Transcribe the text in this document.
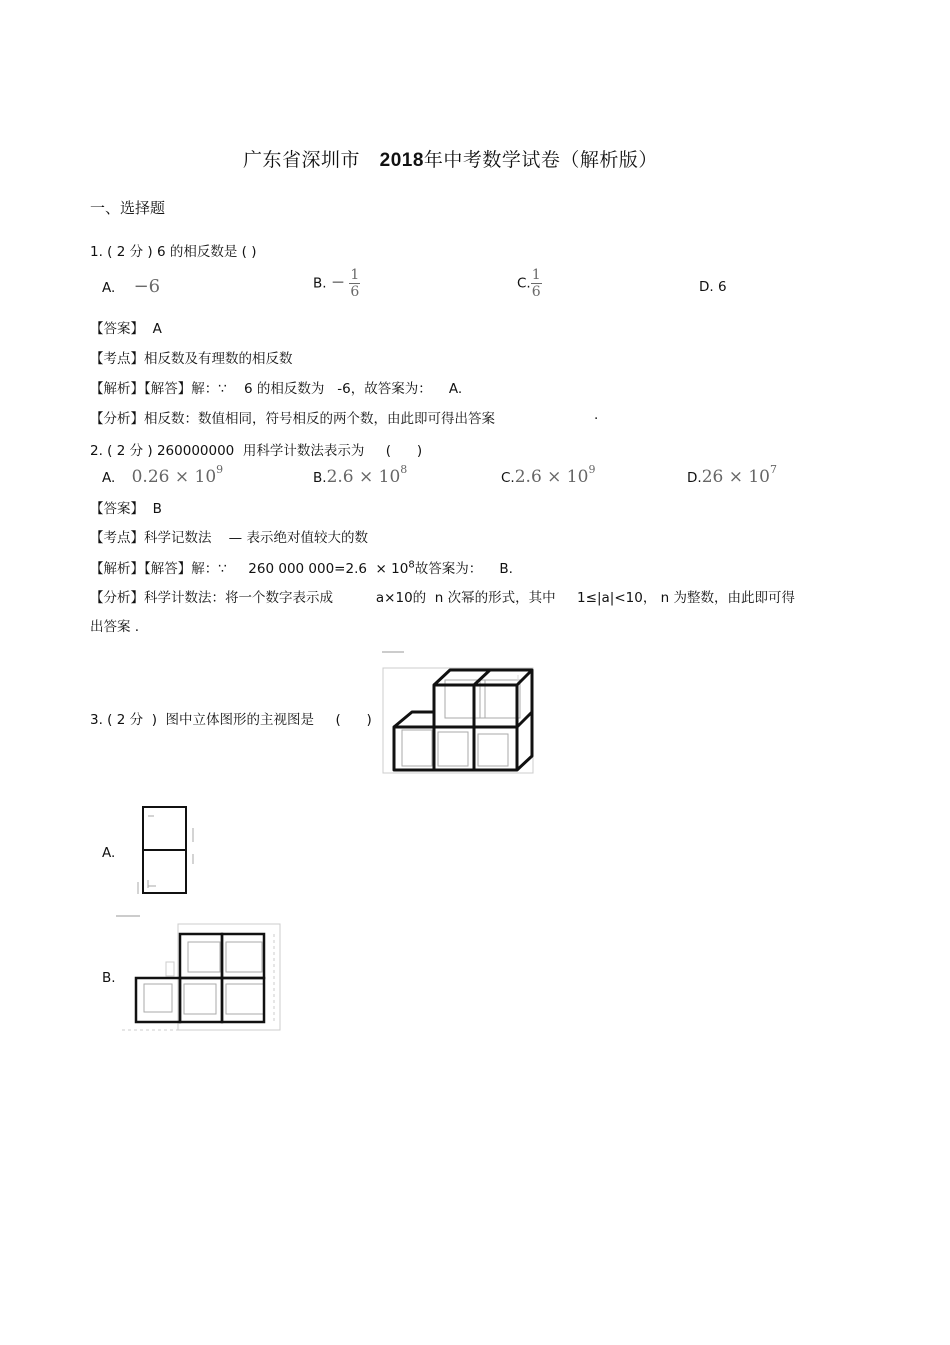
广东省深圳市 2018年中考数学试卷（解析版）
一、选择题
1. ( 2 分 ) 6 的相反数是 ( )
A. −6	B. − $\frac{1}{6}$	C. $\frac{1}{6}$	D. 6
【答案】 A
【考点】相反数及有理数的相反数
【解析】【解答】解：∵    6 的相反数为   -6，故答案为：    A.
【分析】相反数：数值相同，符号相反的两个数，由此即可得出答案	.
2. ( 2 分 ) 260000000  用科学计数法表示为     (      )
A. $0.26 \times 10^9$
$B.2.6 \times 10^8$
$C.2.6 \times 10^9$
$D.26 \times 10^7$
【答案】 B
【考点】科学记数法    — 表示绝对值较大的数
【解析】【解答】解：∵     260 000 $000=2.6 \times 10^8$故答案为：    B.
【分析】科学计数法：将一个数字表示成          a×10的  n 次幂的形式，其中     1≤|a|<10， n 为整数，由此即可得
出答案 .
3. ( 2 分  )  图中立体图形的主视图是     (      )
A.
B.
